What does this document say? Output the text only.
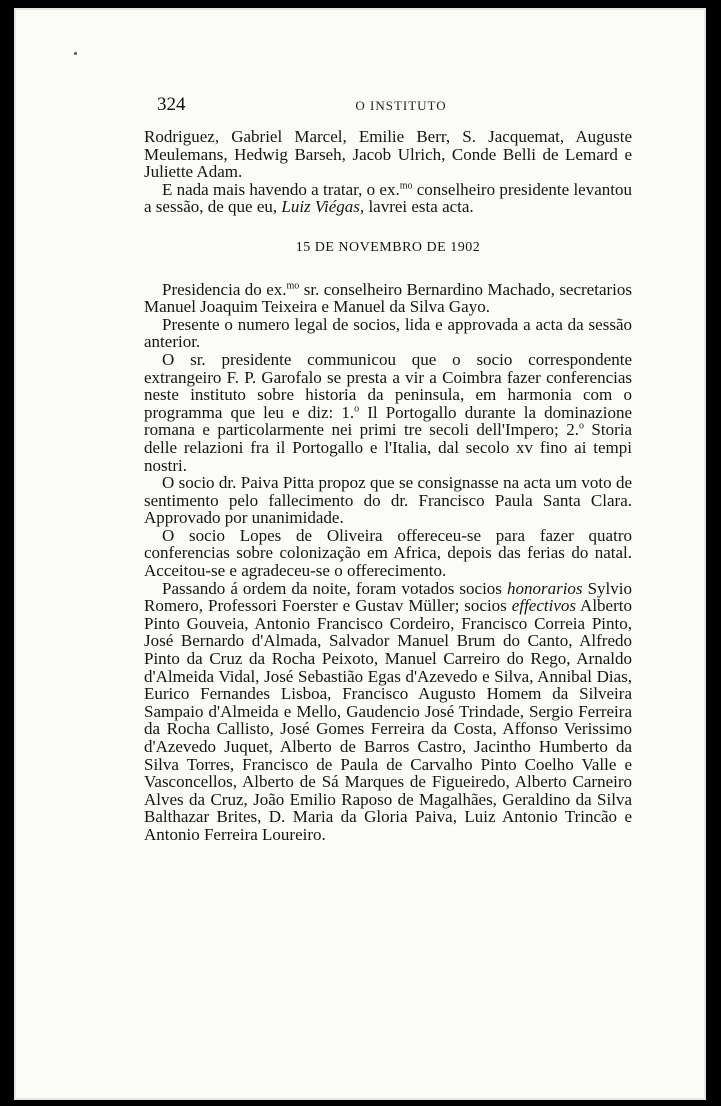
324	O INSTITUTO

Rodriguez, Gabriel Marcel, Emilie Berr, S. Jacquemat, Auguste Meulemans, Hedwig Barseh, Jacob Ulrich, Conde Belli de Lemard e Juliette Adam.

E nada mais havendo a tratar, o ex.$^{mo}$ conselheiro presidente levantou a sessão, de que eu, Luiz Viégas, lavrei esta acta.

15 DE NOVEMBRO DE 1902

Presidencia do ex.$^{mo}$ sr. conselheiro Bernardino Machado, secretarios Manuel Joaquim Teixeira e Manuel da Silva Gayo.

Presente o numero legal de socios, lida e approvada a acta da sessão anterior.

O sr. presidente communicou que o socio correspondente extrangeiro F. P. Garofalo se presta a vir a Coimbra fazer conferencias neste instituto sobre historia da peninsula, em harmonia com o programma que leu e diz: 1.$^o$ Il Portogallo durante la dominazione romana e particolarmente nei primi tre secoli dell'Impero; 2.$^o$ Storia delle relazioni fra il Portogallo e l'Italia, dal secolo xv fino ai tempi nostri.

O socio dr. Paiva Pitta propoz que se consignasse na acta um voto de sentimento pelo fallecimento do dr. Francisco Paula Santa Clara. Approvado por unanimidade.

O socio Lopes de Oliveira offereceu-se para fazer quatro conferencias sobre colonização em Africa, depois das ferias do natal. Acceitou-se e agradeceu-se o offerecimento.

Passando á ordem da noite, foram votados socios honorarios Sylvio Romero, Professori Foerster e Gustav Müller; socios effectivos Alberto Pinto Gouveia, Antonio Francisco Cordeiro, Francisco Correia Pinto, José Bernardo d'Almada, Salvador Manuel Brum do Canto, Alfredo Pinto da Cruz da Rocha Peixoto, Manuel Carreiro do Rego, Arnaldo d'Almeida Vidal, José Sebastião Egas d'Azevedo e Silva, Annibal Dias, Eurico Fernandes Lisboa, Francisco Augusto Homem da Silveira Sampaio d'Almeida e Mello, Gaudencio José Trindade, Sergio Ferreira da Rocha Callisto, José Gomes Ferreira da Costa, Affonso Verissimo d'Azevedo Juquet, Alberto de Barros Castro, Jacintho Humberto da Silva Torres, Francisco de Paula de Carvalho Pinto Coelho Valle e Vasconcellos, Alberto de Sá Marques de Figueiredo, Alberto Carneiro Alves da Cruz, João Emilio Raposo de Magalhães, Geraldino da Silva Balthazar Brites, D. Maria da Gloria Paiva, Luiz Antonio Trincão e Antonio Ferreira Loureiro.
